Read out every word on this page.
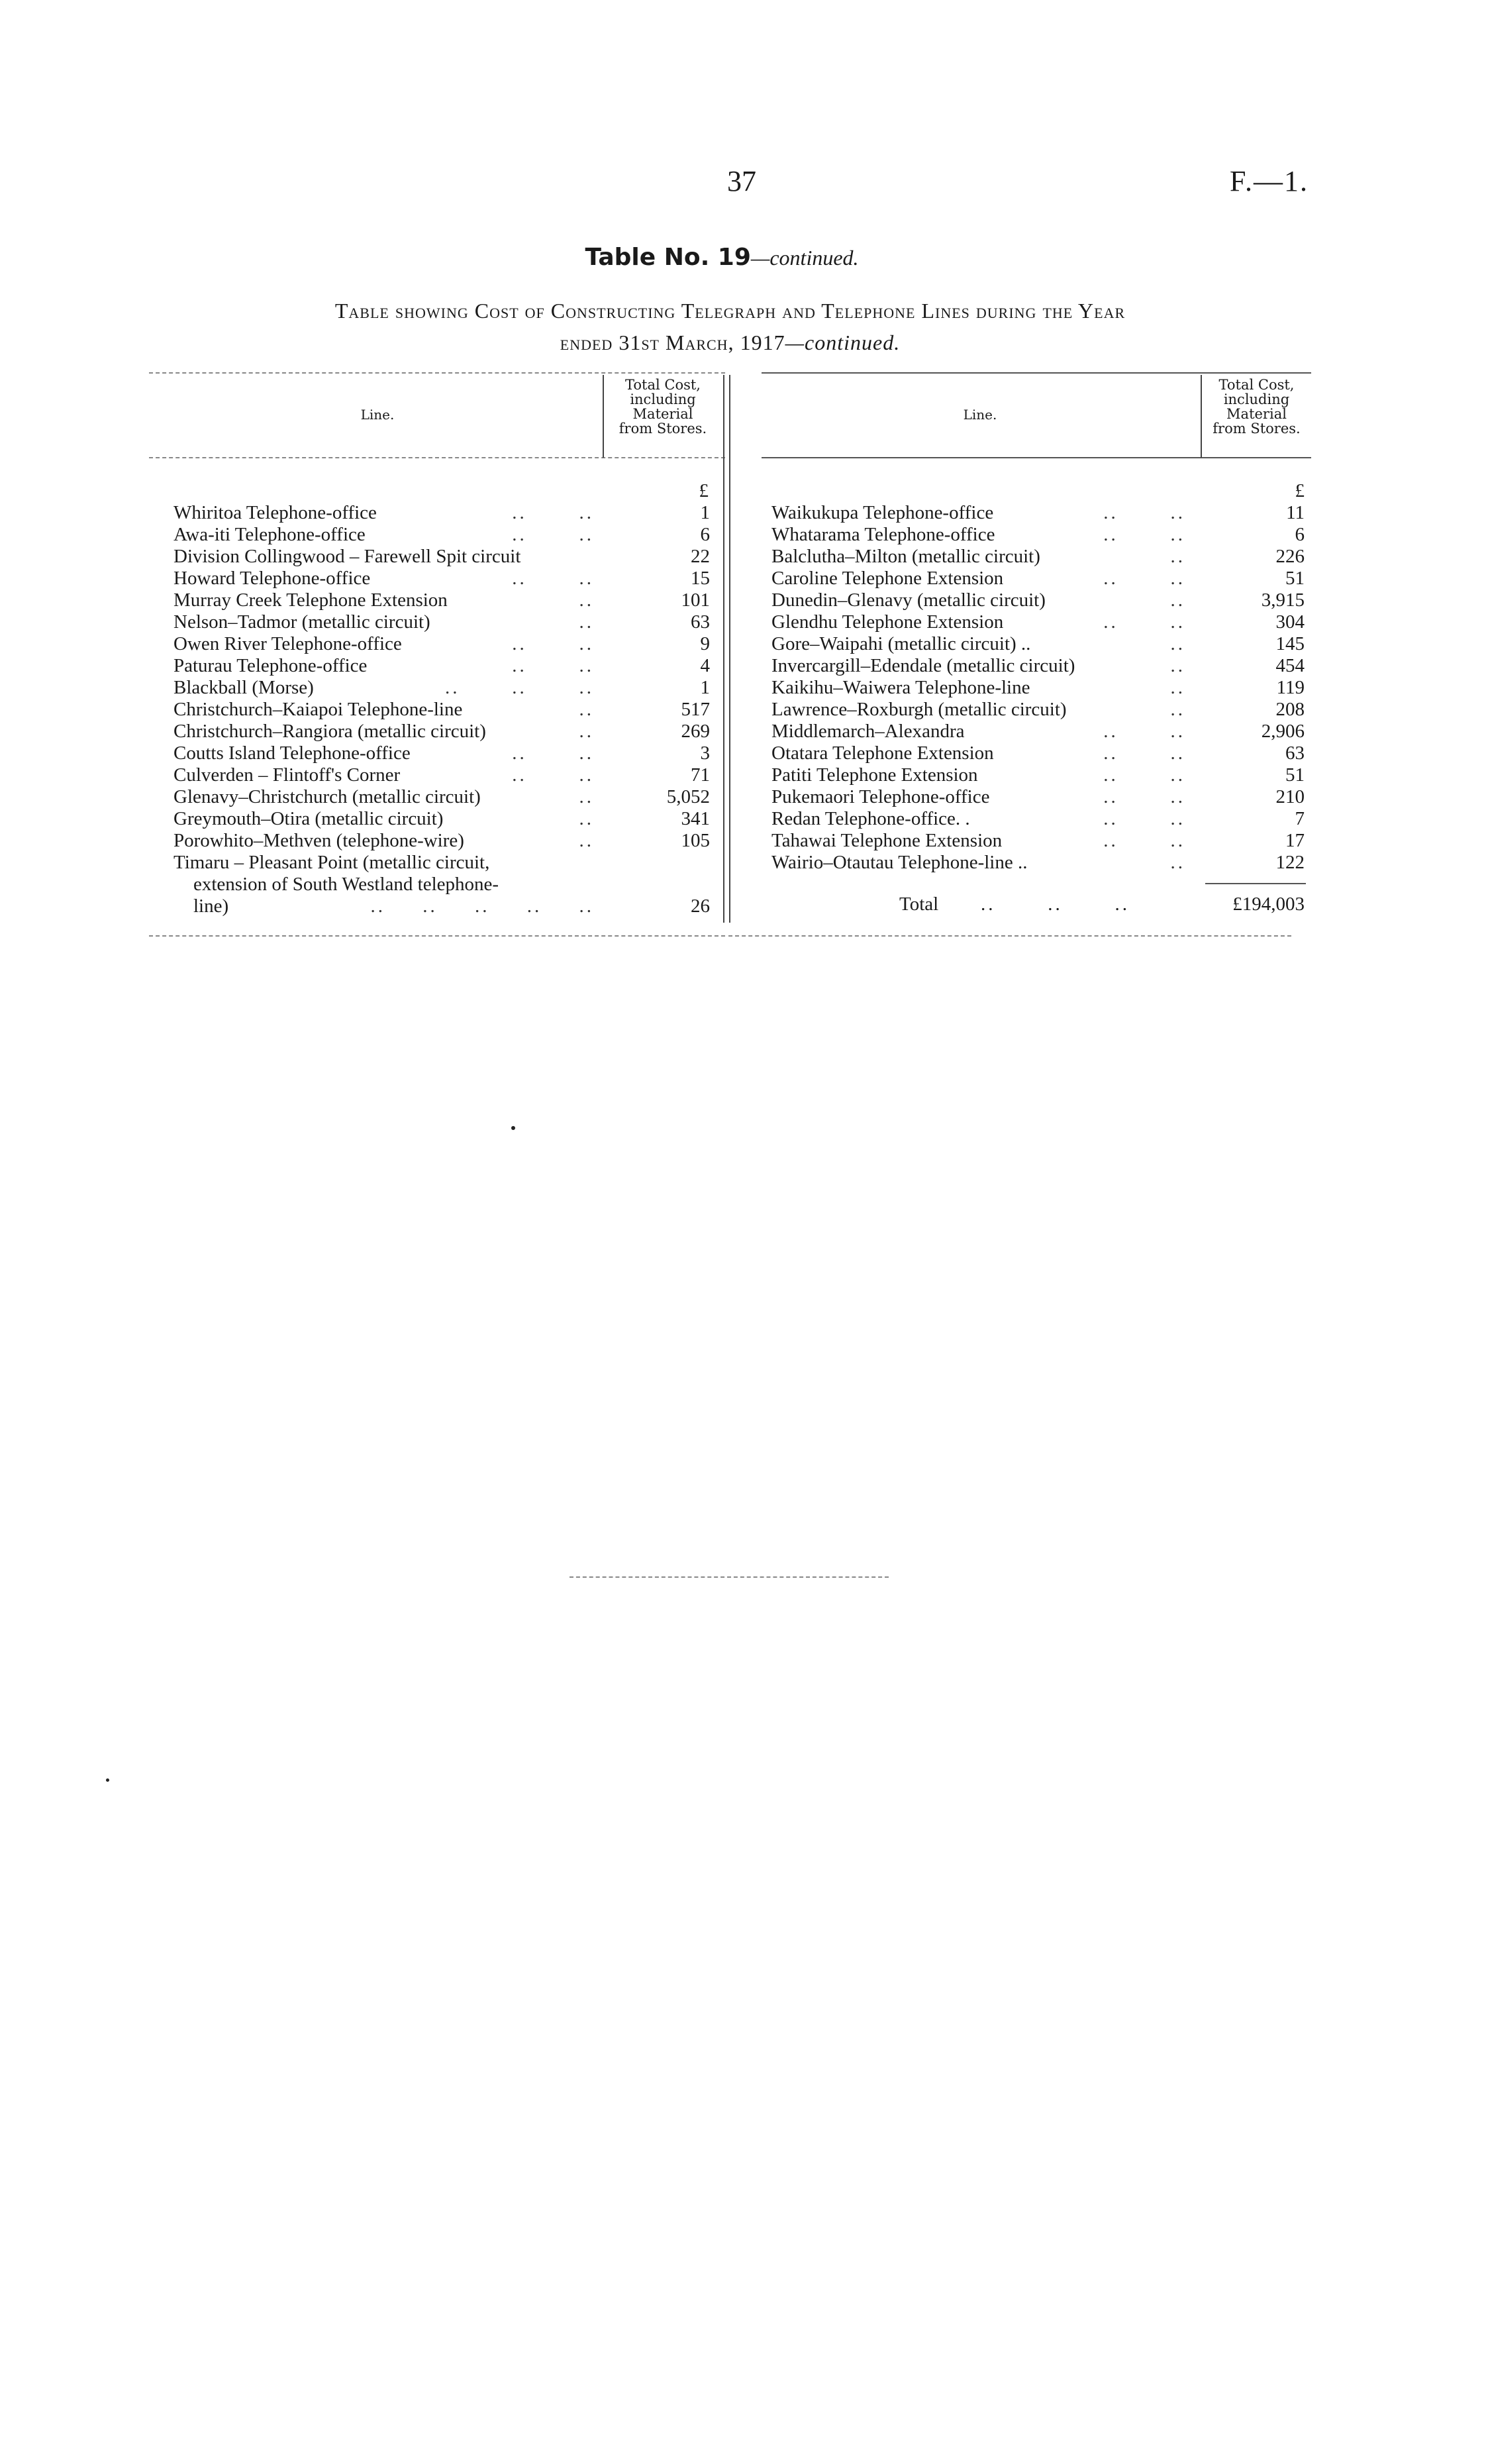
37	F.—1.
Table No. 19—continued.
Table showing Cost of Constructing Telegraph and Telephone Lines during the Year
ended 31st March, 1917—continued.
Line.
Total Cost,
including
Material
from Stores.
Line.
Total Cost,
including
Material
from Stores.
£	£
Whiritoa Telephone-office	..       ..	1
Awa-iti Telephone-office	..       ..	6
Division Collingwood – Farewell Spit circuit	22
Howard Telephone-office	..       ..	15
Murray Creek Telephone Extension	..	101
Nelson–Tadmor (metallic circuit)	..	63
Owen River Telephone-office	..       ..	9
Paturau Telephone-office	..       ..	4
Blackball (Morse)	..       ..       ..	1
Christchurch–Kaiapoi Telephone-line	..	517
Christchurch–Rangiora (metallic circuit)	..	269
Coutts Island Telephone-office	..       ..	3
Culverden – Flintoff's Corner	..       ..	71
Glenavy–Christchurch (metallic circuit)	..	5,052
Greymouth–Otira (metallic circuit)	..	341
Porowhito–Methven (telephone-wire)	..	105
Timaru – Pleasant Point (metallic circuit,
extension of South Westland telephone-
line)	..     ..     ..     ..     ..	26
Waikukupa Telephone-office	..       ..	11
Whatarama Telephone-office	..       ..	6
Balclutha–Milton (metallic circuit)	..	226
Caroline Telephone Extension	..       ..	51
Dunedin–Glenavy (metallic circuit)	..	3,915
Glendhu Telephone Extension	..       ..	304
Gore–Waipahi (metallic circuit) ..	..	145
Invercargill–Edendale (metallic circuit)	..	454
Kaikihu–Waiwera Telephone-line	..	119
Lawrence–Roxburgh (metallic circuit)	..	208
Middlemarch–Alexandra	..       ..	2,906
Otatara Telephone Extension	..       ..	63
Patiti Telephone Extension	..       ..	51
Pukemaori Telephone-office	..       ..	210
Redan Telephone-office. .	..       ..	7
Tahawai Telephone Extension	..       ..	17
Wairio–Otautau Telephone-line ..	..	122
Total ..       ..       ..	£194,003
